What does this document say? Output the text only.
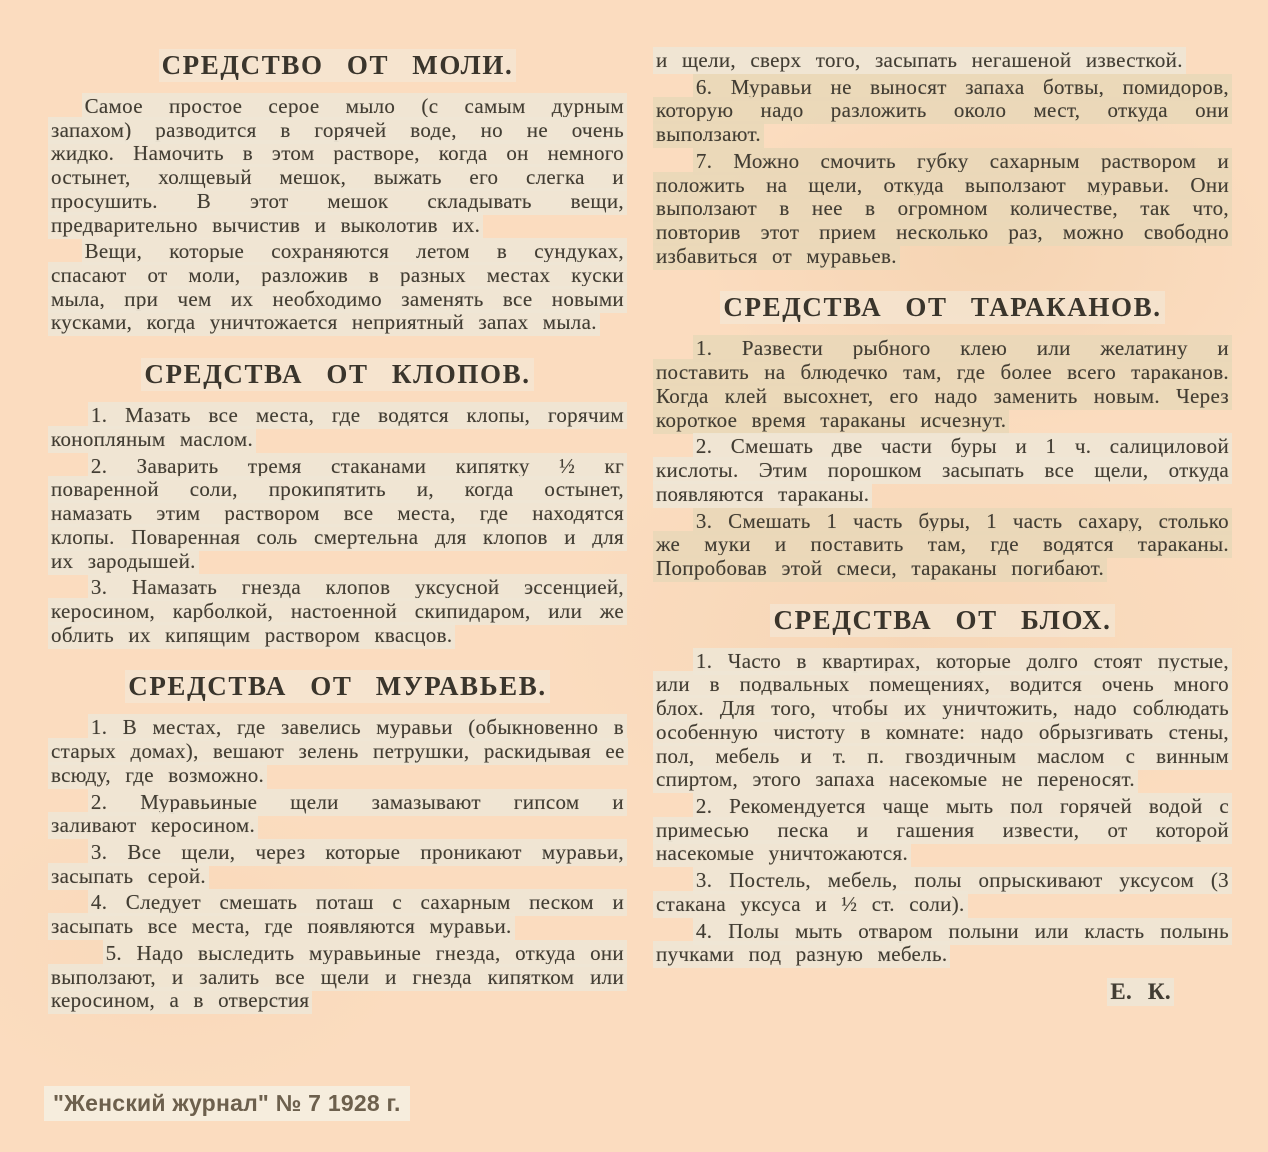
СРЕДСТВО ОТ МОЛИ.

Самое простое серое мыло (с самым дурным запахом) разводится в горячей воде, но не очень жидко. Намочить в этом растворе, когда он немного остынет, холщевый мешок, выжать его слегка и просушить. В этот мешок складывать вещи, предварительно вычистив и выколотив их.

Вещи, которые сохраняются летом в сундуках, спасают от моли, разложив в разных местах куски мыла, при чем их необходимо заменять все новыми кусками, когда уничтожается неприятный запах мыла.

СРЕДСТВА ОТ КЛОПОВ.

1. Мазать все места, где водятся клопы, горячим конопляным маслом.

2. Заварить тремя стаканами кипятку ½ кг поваренной соли, прокипятить и, когда остынет, намазать этим раствором все места, где находятся клопы. Поваренная соль смертельна для клопов и для их зародышей.

3. Намазать гнезда клопов уксусной эссенцией, керосином, карболкой, настоенной скипидаром, или же облить их кипящим раствором квасцов.

СРЕДСТВА ОТ МУРАВЬЕВ.

1. В местах, где завелись муравьи (обыкновенно в старых домах), вешают зелень петрушки, раскидывая ее всюду, где возможно.

2. Муравьиные щели замазывают гипсом и заливают керосином.

3. Все щели, через которые проникают муравьи, засыпать серой.

4. Следует смешать поташ с сахарным песком и засыпать все места, где появляются муравьи.

5. Надо выследить муравьиные гнезда, откуда они выползают, и залить все щели и гнезда кипятком или керосином, а в отверстия

и щели, сверх того, засыпать негашеной известкой.

6. Муравьи не выносят запаха ботвы, помидоров, которую надо разложить около мест, откуда они выползают.

7. Можно смочить губку сахарным раствором и положить на щели, откуда выползают муравьи. Они выползают в нее в огромном количестве, так что, повторив этот прием несколько раз, можно свободно избавиться от муравьев.

СРЕДСТВА ОТ ТАРАКАНОВ.

1. Развести рыбного клею или желатину и поставить на блюдечко там, где более всего тараканов. Когда клей высохнет, его надо заменить новым. Через короткое время тараканы исчезнут.

2. Смешать две части буры и 1 ч. салициловой кислоты. Этим порошком засыпать все щели, откуда появляются тараканы.

3. Смешать 1 часть буры, 1 часть сахару, столько же муки и поставить там, где водятся тараканы. Попробовав этой смеси, тараканы погибают.

СРЕДСТВА ОТ БЛОХ.

1. Часто в квартирах, которые долго стоят пустые, или в подвальных помещениях, водится очень много блох. Для того, чтобы их уничтожить, надо соблюдать особенную чистоту в комнате: надо обрызгивать стены, пол, мебель и т. п. гвоздичным маслом с винным спиртом, этого запаха насекомые не переносят.

2. Рекомендуется чаще мыть пол горячей водой с примесью песка и гашения извести, от которой насекомые уничтожаются.

3. Постель, мебель, полы опрыскивают уксусом (3 стакана уксуса и ½ ст. соли).

4. Полы мыть отваром полыни или класть полынь пучками под разную мебель.

Е. К.

"Женский журнал" № 7 1928 г.
